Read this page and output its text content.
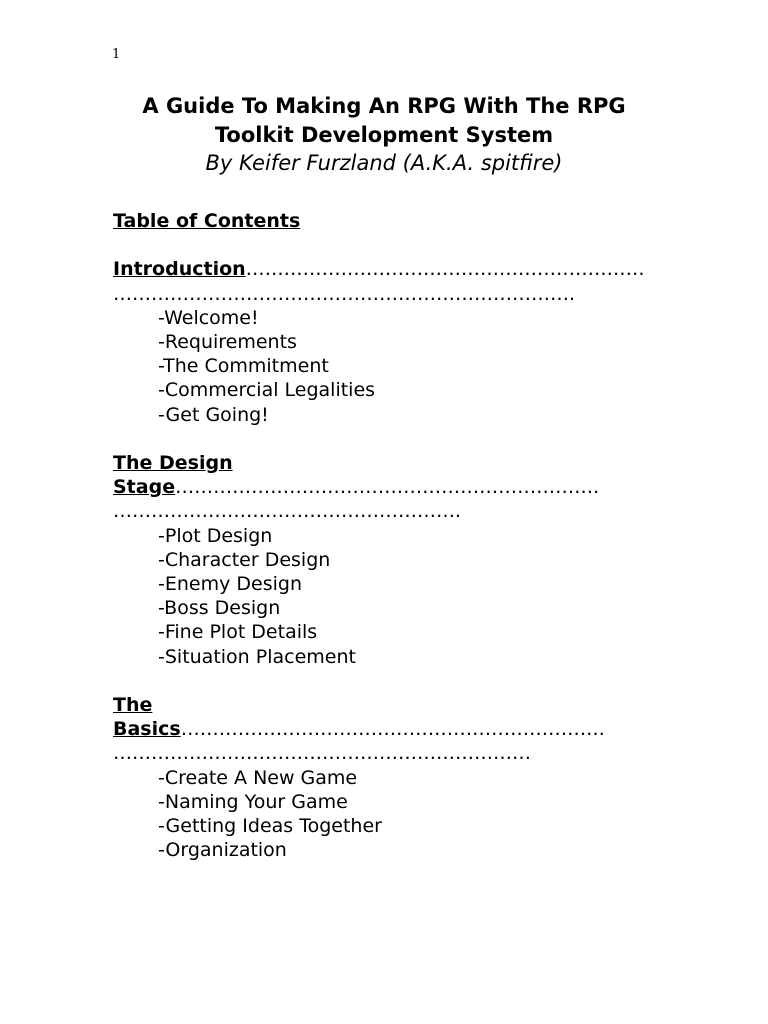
1
A Guide To Making An RPG With The RPG
Toolkit Development System
By Keifer Furzland (A.K.A. spitfire)
Table of Contents
Introduction………………………………………………………
……………………………………………………………….
-Welcome!
-Requirements
-The Commitment
-Commercial Legalities
-Get Going!
The Design
Stage………………………………………………………….
……………………………………………….
-Plot Design
-Character Design
-Enemy Design
-Boss Design
-Fine Plot Details
-Situation Placement
The
Basics………………………………………………………….
…………………………………………………………
-Create A New Game
-Naming Your Game
-Getting Ideas Together
-Organization
